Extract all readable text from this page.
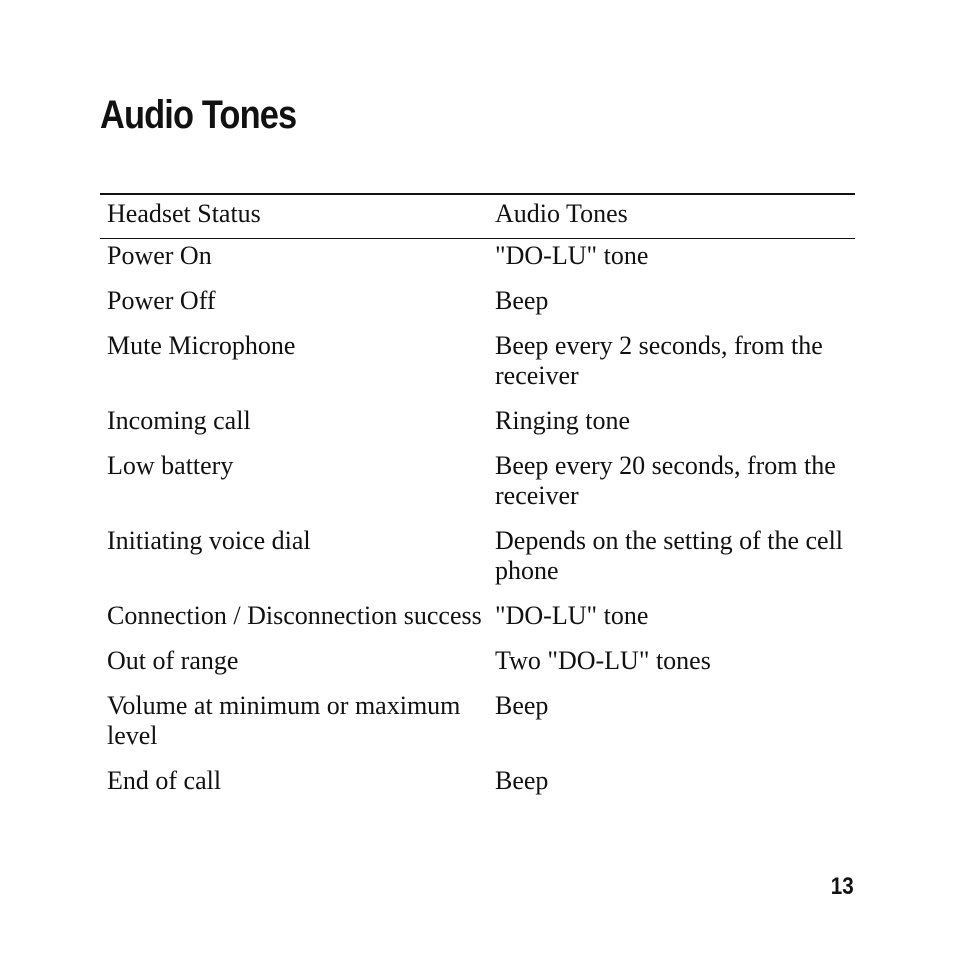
Audio Tones
Headset Status	Audio Tones
Power On	"DO-LU" tone
Power Off	Beep
Mute Microphone	Beep every 2 seconds, from the receiver
Incoming call	Ringing tone
Low battery	Beep every 20 seconds, from the receiver
Initiating voice dial	Depends on the setting of the cell phone
Connection / Disconnection success	"DO-LU" tone
Out of range	Two "DO-LU" tones
Volume at minimum or maximum level	Beep
End of call	Beep
13
